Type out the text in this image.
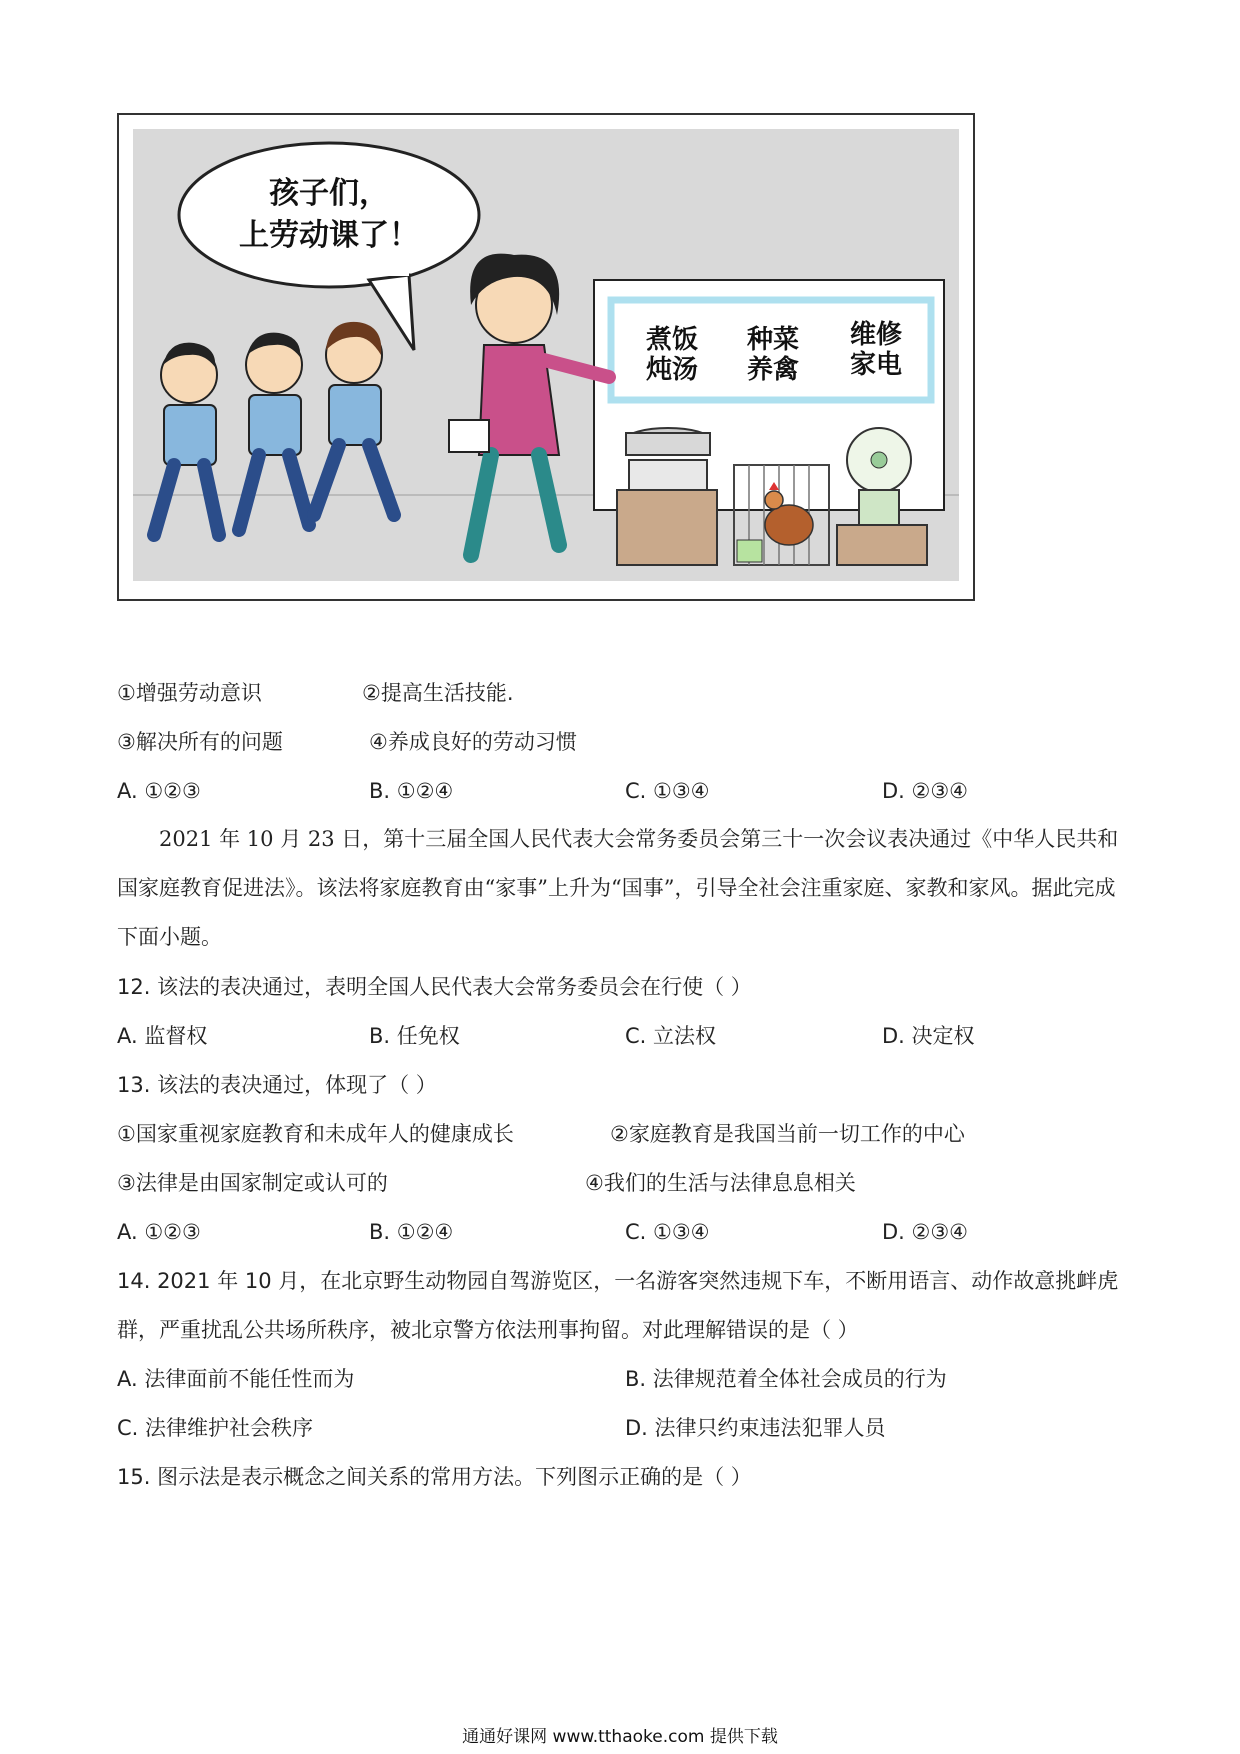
孩子们，
上劳动课了！
煮饭
炖汤
种菜
养禽
维修
家电
①增强劳动意识	②提高生活技能.
③解决所有的问题	④养成良好的劳动习惯
A. ①②③	B. ①②④	C. ①③④	D. ②③④
2021 年 10 月 23 日，第十三届全国人民代表大会常务委员会第三十一次会议表决通过《中华人民共和国家庭教育促进法》。该法将家庭教育由“家事”上升为“国事”，引导全社会注重家庭、家教和家风。据此完成下面小题。
12. 该法的表决通过，表明全国人民代表大会常务委员会在行使（ ）
A. 监督权	B. 任免权	C. 立法权	D. 决定权
13. 该法的表决通过，体现了（ ）
①国家重视家庭教育和未成年人的健康成长	②家庭教育是我国当前一切工作的中心
③法律是由国家制定或认可的	④我们的生活与法律息息相关
A. ①②③	B. ①②④	C. ①③④	D. ②③④
14. 2021 年 10 月，在北京野生动物园自驾游览区，一名游客突然违规下车，不断用语言、动作故意挑衅虎
群，严重扰乱公共场所秩序，被北京警方依法刑事拘留。对此理解错误的是（ ）
A. 法律面前不能任性而为	B. 法律规范着全体社会成员的行为
C. 法律维护社会秩序	D. 法律只约束违法犯罪人员
15. 图示法是表示概念之间关系的常用方法。下列图示正确的是（ ）
通通好课网 www.tthaoke.com 提供下载
